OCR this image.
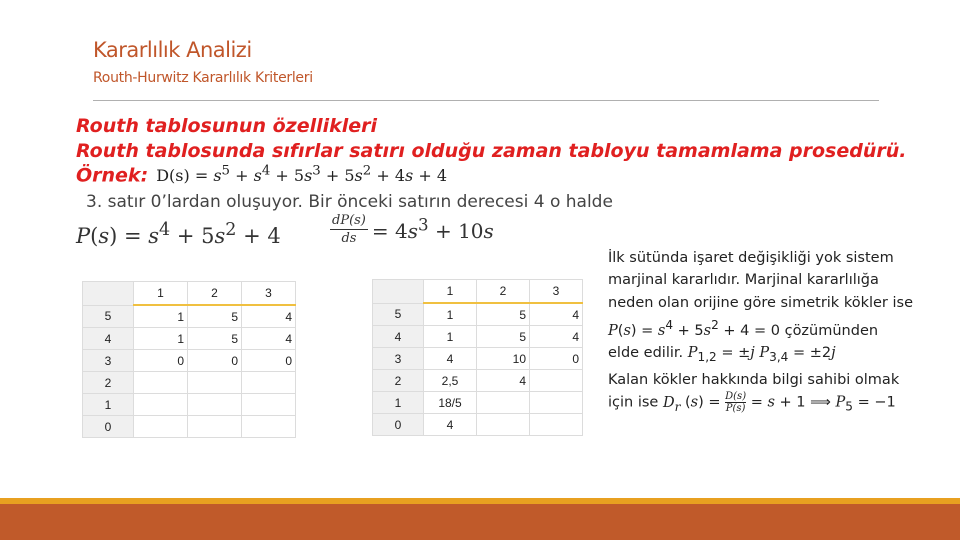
Kararlılık Analizi
Routh-Hurwitz Kararlılık Kriterleri
Routh tablosunun özellikleri
Routh tablosunda sıfırlar satırı olduğu zaman tabloyu tamamlama prosedürü.
Örnek: $D(s) = s^5 + s^4 + 5s^3 + 5s^2 + 4s + 4$
3. satır 0’lardan oluşuyor. Bir önceki satırın derecesi 4 o halde
$P(s) = s^4 + 5s^2 + 4$	$\frac{dP(s)}{ds} = 4s^3 + 10s$
	1	2	3
5	1	5	4
4	1	5	4
3	0	0	0
2			
1			
0			
	1	2	3
5	1	5	4
4	1	5	4
3	4	10	0
2	2,5	4	
1	18/5		
0	4		
İlk sütünda işaret değişikliği yok sistem
marjinal kararlıdır. Marjinal kararlılığa
neden olan orijine göre simetrik kökler ise
$P(s) = s^4 + 5s^2 + 4 = 0$ çözümünden
elde edilir. $P_{1,2} = \pm j$ $P_{3,4} = \pm 2j$
Kalan kökler hakkında bilgi sahibi olmak
için ise $D_r$ $(s) = \frac{D(s)}{P(s)} = s + 1$ ⟹ $P_5 = -1$
